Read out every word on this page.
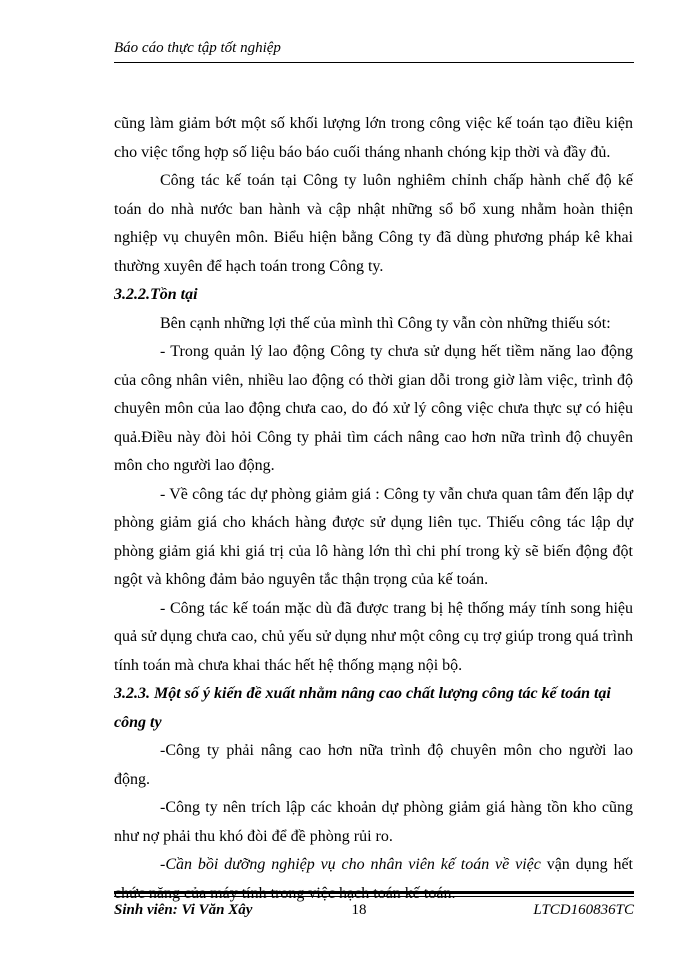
Báo cáo thực tập tốt nghiệp

cũng làm giảm bớt một số khối lượng lớn trong công việc kế toán tạo điều kiện cho việc tổng hợp số liệu báo báo cuối tháng nhanh chóng kịp thời và đầy đủ.

Công tác kế toán tại Công ty luôn nghiêm chỉnh chấp hành chế độ kế toán do nhà nước ban hành và cập nhật những sổ bổ xung nhằm hoàn thiện nghiệp vụ chuyên môn. Biểu hiện bằng Công ty đã dùng phương pháp kê khai thường xuyên để hạch toán trong Công ty.

3.2.2.Tồn tại

Bên cạnh những lợi thế của mình thì Công ty vẫn còn những thiếu sót:

- Trong quản lý lao động Công ty chưa sử dụng hết tiềm năng lao động của công nhân viên, nhiều lao động có thời gian dỗi trong giờ làm việc, trình độ chuyên môn của lao động chưa cao, do đó xử lý công việc chưa thực sự có hiệu quả.Điều này đòi hỏi Công ty phải tìm cách nâng cao hơn nữa trình độ chuyên môn cho người lao động.

- Về công tác dự phòng giảm giá : Công ty vẫn chưa quan tâm đến lập dự phòng giảm giá cho khách hàng được sử dụng liên tục. Thiếu công tác lập dự phòng giảm giá khi giá trị của lô hàng lớn thì chi phí trong kỳ sẽ biến động đột ngột và không đảm bảo nguyên tắc thận trọng của kế toán.

- Công tác kế toán mặc dù đã được trang bị hệ thống máy tính song hiệu quả sử dụng chưa cao, chủ yếu sử dụng như một công cụ trợ giúp trong quá trình tính toán mà chưa khai thác hết hệ thống mạng nội bộ.

3.2.3. Một số ý kiến đề xuất nhằm nâng cao chất lượng công tác kế toán tại công ty

-Công ty phải nâng cao hơn nữa trình độ chuyên môn cho người lao động.

-Công ty nên trích lập các khoản dự phòng giảm giá hàng tồn kho cũng như nợ phải thu khó đòi để đề phòng rủi ro.

-Cần bồi dưỡng nghiệp vụ cho nhân viên kế toán về việc vận dụng hết chức năng của máy tính trong việc hạch toán kế toán.

Sinh viên: Vi Văn Xây	18	LTCD160836TC
